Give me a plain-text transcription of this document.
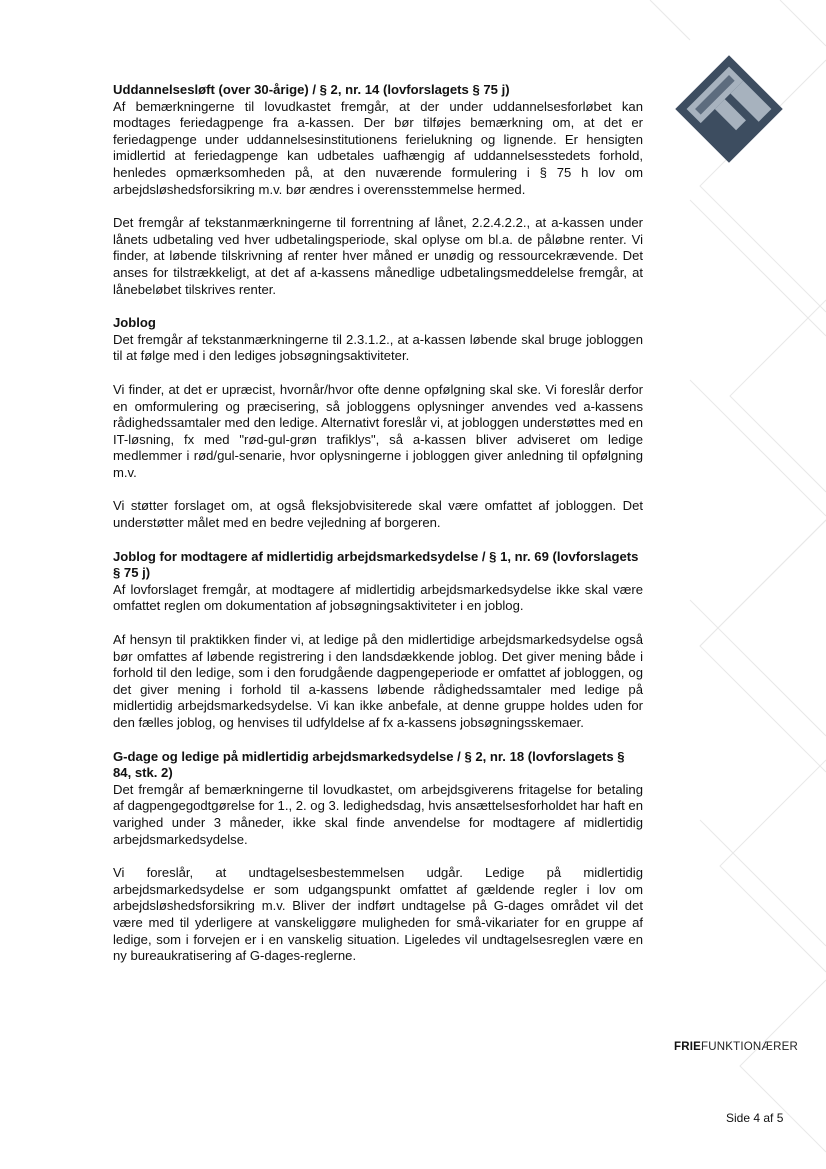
Uddannelsesløft (over 30-årige) / § 2, nr. 14 (lovforslagets § 75 j)

Af bemærkningerne til lovudkastet fremgår, at der under uddannelsesforløbet kan modtages feriedagpenge fra a-kassen. Der bør tilføjes bemærkning om, at det er feriedagpenge under uddannelsesinstitutionens ferielukning og lignende. Er hensigten imidlertid at feriedagpenge kan udbetales uafhængig af uddannelsesstedets forhold, henledes opmærksomheden på, at den nuværende formulering i § 75 h lov om arbejdsløshedsforsikring m.v. bør ændres i overensstemmelse hermed.

Det fremgår af tekstanmærkningerne til forrentning af lånet, 2.2.4.2.2., at a-kassen under lånets udbetaling ved hver udbetalingsperiode, skal oplyse om bl.a. de påløbne renter. Vi finder, at løbende tilskrivning af renter hver måned er unødig og ressourcekrævende. Det anses for tilstrækkeligt, at det af a-kassens månedlige udbetalingsmeddelelse fremgår, at lånebeløbet tilskrives renter.

Joblog

Det fremgår af tekstanmærkningerne til 2.3.1.2., at a-kassen løbende skal bruge jobloggen til at følge med i den lediges jobsøgningsaktiviteter.

Vi finder, at det er upræcist, hvornår/hvor ofte denne opfølgning skal ske. Vi foreslår derfor en omformulering og præcisering, så jobloggens oplysninger anvendes ved a-kassens rådighedssamtaler med den ledige. Alternativt foreslår vi, at jobloggen understøttes med en IT-løsning, fx med "rød-gul-grøn trafiklys", så a-kassen bliver adviseret om ledige medlemmer i rød/gul-senarie, hvor oplysningerne i jobloggen giver anledning til opfølgning m.v.

Vi støtter forslaget om, at også fleksjobvisiterede skal være omfattet af jobloggen. Det understøtter målet med en bedre vejledning af borgeren.

Joblog for modtagere af midlertidig arbejdsmarkedsydelse / § 1, nr. 69 (lovforslagets § 75 j)

Af lovforslaget fremgår, at modtagere af midlertidig arbejdsmarkedsydelse ikke skal være omfattet reglen om dokumentation af jobsøgningsaktiviteter i en joblog.

Af hensyn til praktikken finder vi, at ledige på den midlertidige arbejdsmarkedsydelse også bør omfattes af løbende registrering i den landsdækkende joblog. Det giver mening både i forhold til den ledige, som i den forudgående dagpengeperiode er omfattet af jobloggen, og det giver mening i forhold til a-kassens løbende rådighedssamtaler med ledige på midlertidig arbejdsmarkedsydelse. Vi kan ikke anbefale, at denne gruppe holdes uden for den fælles joblog, og henvises til udfyldelse af fx a-kassens jobsøgningsskemaer.

G-dage og ledige på midlertidig arbejdsmarkedsydelse / § 2, nr. 18 (lovforslagets § 84, stk. 2)

Det fremgår af bemærkningerne til lovudkastet, om arbejdsgiverens fritagelse for betaling af dagpengegodtgørelse for 1., 2. og 3. ledighedsdag, hvis ansættelsesforholdet har haft en varighed under 3 måneder, ikke skal finde anvendelse for modtagere af midlertidig arbejdsmarkedsydelse.

Vi foreslår, at undtagelsesbestemmelsen udgår. Ledige på midlertidig arbejdsmarkedsydelse er som udgangspunkt omfattet af gældende regler i lov om arbejdsløshedsforsikring m.v. Bliver der indført undtagelse på G-dages området vil det være med til yderligere at vanskeliggøre muligheden for små-vikariater for en gruppe af ledige, som i forvejen er i en vanskelig situation. Ligeledes vil undtagelsesreglen være en ny bureaukratisering af G-dages-reglerne.

FRIEFUNKTIONÆRER
Side 4 af 5
